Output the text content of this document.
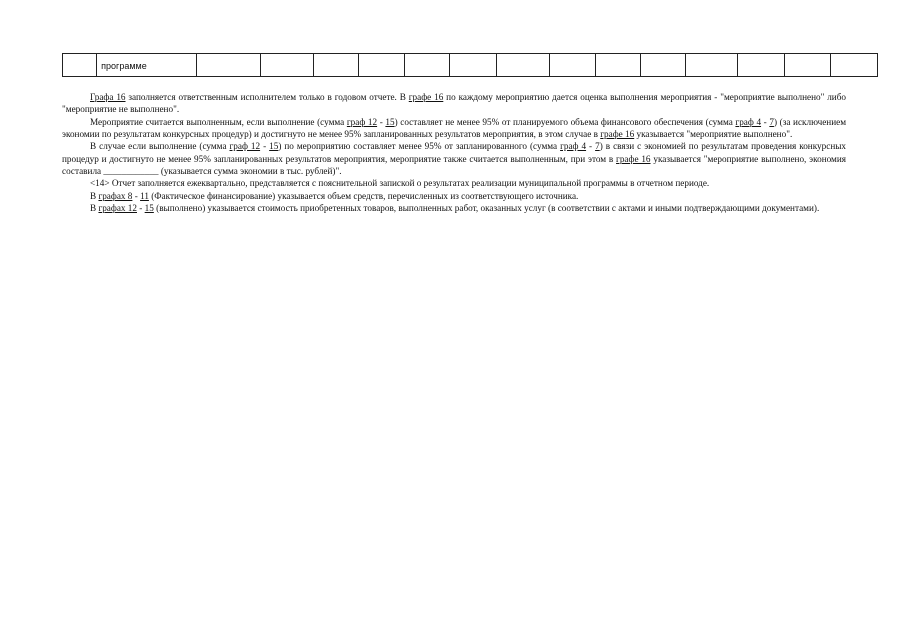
	программе														

Графа 16 заполняется ответственным исполнителем только в годовом отчете. В графе 16 по каждому мероприятию дается оценка выполнения мероприятия - "мероприятие выполнено" либо "мероприятие не выполнено".

Мероприятие считается выполненным, если выполнение (сумма граф 12 - 15) составляет не менее 95% от планируемого объема финансового обеспечения (сумма граф 4 - 7) (за исключением экономии по результатам конкурсных процедур) и достигнуто не менее 95% запланированных результатов мероприятия, в этом случае в графе 16 указывается "мероприятие выполнено".

В случае если выполнение (сумма граф 12 - 15) по мероприятию составляет менее 95% от запланированного (сумма граф 4 - 7) в связи с экономией по результатам проведения конкурсных процедур и достигнуто не менее 95% запланированных результатов мероприятия, мероприятие также считается выполненным, при этом в графе 16 указывается "мероприятие выполнено, экономия составила ____________ (указывается сумма экономии в тыс. рублей)".

<14> Отчет заполняется ежеквартально, представляется с пояснительной запиской о результатах реализации муниципальной программы в отчетном периоде.

В графах 8 - 11 (Фактическое финансирование) указывается объем средств, перечисленных из соответствующего источника.

В графах 12 - 15 (выполнено) указывается стоимость приобретенных товаров, выполненных работ, оказанных услуг (в соответствии с актами и иными подтверждающими документами).
